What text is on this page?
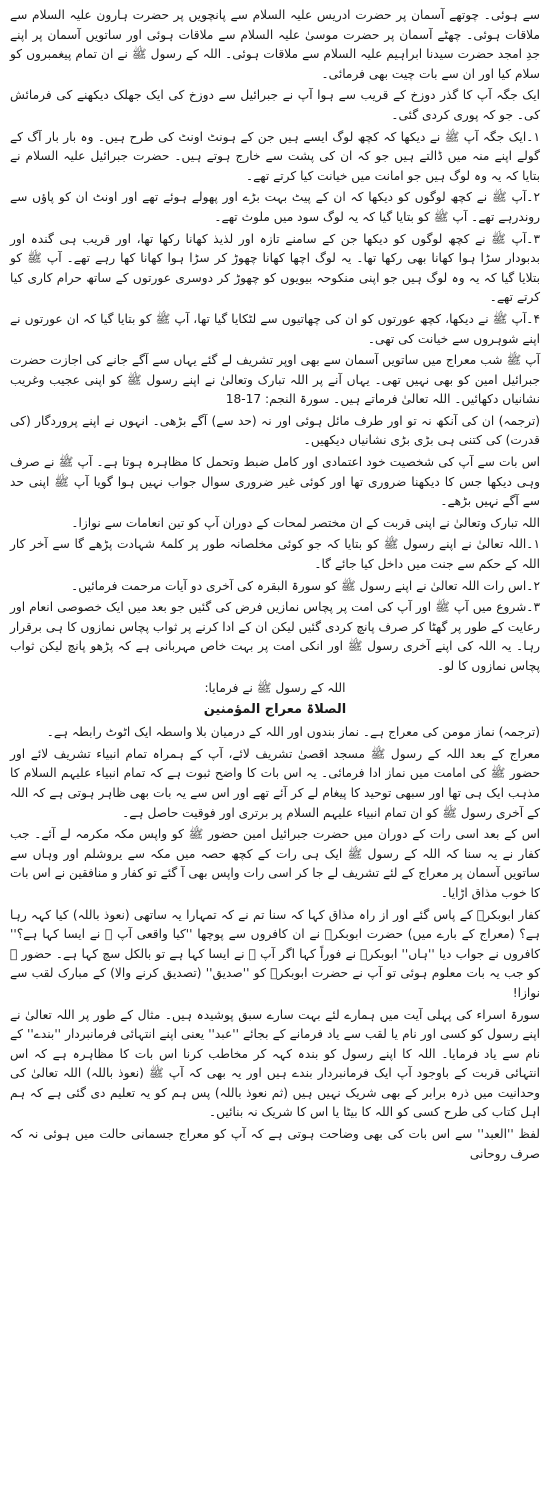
سے ہوئی۔ چوتھے آسمان پر حضرت ادریس علیہ السلام سے پانچویں پر حضرت ہارون علیہ السلام سے ملاقات ہوئی۔ چھٹے آسمان پر حضرت موسیٰ علیہ السلام سے ملاقات ہوئی اور ساتویں آسمان پر اپنے جدِ امجد حضرت سیدنا ابراہیم علیہ السلام سے ملاقات ہوئی۔ اللہ کے رسول ﷺ نے ان تمام پیغمبروں کو سلام کیا اور ان سے بات چیت بھی فرمائی۔

ایک جگہ آپ کا گذر دوزخ کے قریب سے ہوا آپ نے جبرائیل سے دوزخ کی ایک جھلک دیکھنے کی فرمائش کی۔ جو کہ پوری کردی گئی۔

۱۔ایک جگہ آپ ﷺ نے دیکھا کہ کچھ لوگ ایسے ہیں جن کے ہونٹ اونٹ کی طرح ہیں۔ وہ بار بار آگ کے گولے اپنے منہ میں ڈالتے ہیں جو کہ ان کی پشت سے خارج ہوتے ہیں۔ حضرت جبرائیل علیہ السلام نے بتایا کہ یہ وہ لوگ ہیں جو امانت میں خیانت کیا کرتے تھے۔

۲۔آپ ﷺ نے کچھ لوگوں کو دیکھا کہ ان کے پیٹ بہت بڑے اور پھولے ہوئے تھے اور اونٹ ان کو پاؤں سے روندرہے تھے۔ آپ ﷺ کو بتایا گیا کہ یہ لوگ سود میں ملوث تھے۔

۳۔آپ ﷺ نے کچھ لوگوں کو دیکھا جن کے سامنے تازہ اور لذیذ کھانا رکھا تھا، اور قریب ہی گندہ اور بدبودار سڑا ہوا کھانا بھی رکھا تھا۔ یہ لوگ اچھا کھانا چھوڑ کر سڑا ہوا کھانا کھا رہے تھے۔ آپ ﷺ کو بتلایا گیا کہ یہ وہ لوگ ہیں جو اپنی منکوحہ بیویوں کو چھوڑ کر دوسری عورتوں کے ساتھ حرام کاری کیا کرتے تھے۔

۴۔آپ ﷺ نے دیکھا، کچھ عورتوں کو ان کی چھاتیوں سے لٹکایا گیا تھا، آپ ﷺ کو بتایا گیا کہ ان عورتوں نے اپنے شوہروں سے خیانت کی تھی۔

آپ ﷺ شب معراج میں ساتویں آسمان سے بھی اوپر تشریف لے گئے یہاں سے آگے جانے کی اجازت حضرت جبرائیل امین کو بھی نہیں تھی۔ یہاں آنے پر اللہ تبارک وتعالیٰ نے اپنے رسول ﷺ کو اپنی عجیب وغریب نشانیاں دکھائیں۔ اللہ تعالیٰ فرماتے ہیں۔ سورۃ النجم: 17-18

(ترجمہ) ان کی آنکھ نہ تو اور طرف مائل ہوئی اور نہ (حد سے) آگے بڑھی۔ انہوں نے اپنے پروردگار (کی قدرت) کی کتنی ہی بڑی بڑی نشانیاں دیکھیں۔

اس بات سے آپ کی شخصیت خود اعتمادی اور کامل ضبط وتحمل کا مظاہرہ ہوتا ہے۔ آپ ﷺ نے صرف وہی دیکھا جس کا دیکھنا ضروری تھا اور کوئی غیر ضروری سوال جواب نہیں ہوا گویا آپ ﷺ اپنی حد سے آگے نہیں بڑھے۔

اللہ تبارک وتعالیٰ نے اپنی قربت کے ان مختصر لمحات کے دوران آپ کو تین انعامات سے نوازا۔

۱۔اللہ تعالیٰ نے اپنے رسول ﷺ کو بتایا کہ جو کوئی مخلصانہ طور پر کلمۂ شہادت پڑھے گا سے آخر کار اللہ کے حکم سے جنت میں داخل کیا جائے گا۔

۲۔اس رات اللہ تعالیٰ نے اپنے رسول ﷺ کو سورۃ البقرہ کی آخری دو آیات مرحمت فرمائیں۔

۳۔شروع میں آپ ﷺ اور آپ کی امت پر پچاس نمازیں فرض کی گئیں جو بعد میں ایک خصوصی انعام اور رعایت کے طور پر گھٹا کر صرف پانچ کردی گئیں لیکن ان کے ادا کرنے پر ثواب پچاس نمازوں کا ہی برقرار رہا۔ یہ اللہ کی اپنے آخری رسول ﷺ اور انکی امت پر بہت خاص مہربانی ہے کہ پڑھو پانچ لیکن ثواب پچاس نمازوں کا لو۔

اللہ کے رسول ﷺ نے فرمایا:

الصلاۃ معراج المؤمنین

(ترجمہ) نماز مومن کی معراج ہے۔ نماز بندوں اور اللہ کے درمیان بلا واسطہ ایک اٹوٹ رابطہ ہے۔

معراج کے بعد اللہ کے رسول ﷺ مسجد اقصیٰ تشریف لائے، آپ کے ہمراہ تمام انبیاء تشریف لائے اور حضور ﷺ کی امامت میں نماز ادا فرمائی۔ یہ اس بات کا واضح ثبوت ہے کہ تمام انبیاء علیہم السلام کا مذہب ایک ہی تھا اور سبھی توحید کا پیغام لے کر آئے تھے اور اس سے یہ بات بھی ظاہر ہوتی ہے کہ اللہ کے آخری رسول ﷺ کو ان تمام انبیاء علیہم السلام پر برتری اور فوقیت حاصل ہے۔

اس کے بعد اسی رات کے دوران میں حضرت جبرائیل امین حضور ﷺ کو واپس مکہ مکرمہ لے آئے۔ جب کفار نے یہ سنا کہ اللہ کے رسول ﷺ ایک ہی رات کے کچھ حصہ میں مکہ سے یروشلم اور وہاں سے ساتویں آسمان پر معراج کے لئے تشریف لے جا کر اسی رات واپس بھی آ گئے تو کفار و منافقین نے اس بات کا خوب مذاق اڑایا۔

کفار ابوبکرؓ کے پاس گئے اور از راہ مذاق کہا کہ سنا تم نے کہ تمہارا یہ ساتھی (نعوذ باللہ) کیا کہہ رہا ہے؟ (معراج کے بارے میں) حضرت ابوبکرؓ نے ان کافروں سے پوچھا ''کیا واقعی آپ ﷺ نے ایسا کہا ہے؟'' کافروں نے جواب دیا ''ہاں'' ابوبکرؓ نے فوراً کہا اگر آپ ﷺ نے ایسا کہا ہے تو بالکل سچ کہا ہے۔ حضور ﷺ کو جب یہ بات معلوم ہوئی تو آپ نے حضرت ابوبکرؓ کو ''صدیق'' (تصدیق کرنے والا) کے مبارک لقب سے نوازا!

سورۃ اسراء کی پہلی آیت میں ہمارے لئے بہت سارے سبق پوشیدہ ہیں۔ مثال کے طور پر اللہ تعالیٰ نے اپنے رسول کو کسی اور نام یا لقب سے یاد فرمانے کے بجائے ''عبد'' یعنی اپنے انتہائی فرمانبردار ''بندے'' کے نام سے یاد فرمایا۔ اللہ کا اپنے رسول کو بندہ کہہ کر مخاطب کرنا اس بات کا مظاہرہ ہے کہ اس انتہائی قربت کے باوجود آپ ایک فرمانبردار بندے ہیں اور یہ بھی کہ آپ ﷺ (نعوذ باللہ) اللہ تعالیٰ کی وحدانیت میں ذرہ برابر کے بھی شریک نہیں ہیں (ثم نعوذ باللہ) پس ہم کو یہ تعلیم دی گئی ہے کہ ہم اہل کتاب کی طرح کسی کو اللہ کا بیٹا یا اس کا شریک نہ بنائیں۔

لفظ ''العبد'' سے اس بات کی بھی وضاحت ہوتی ہے کہ آپ کو معراج جسمانی حالت میں ہوئی نہ کہ صرف روحانی
